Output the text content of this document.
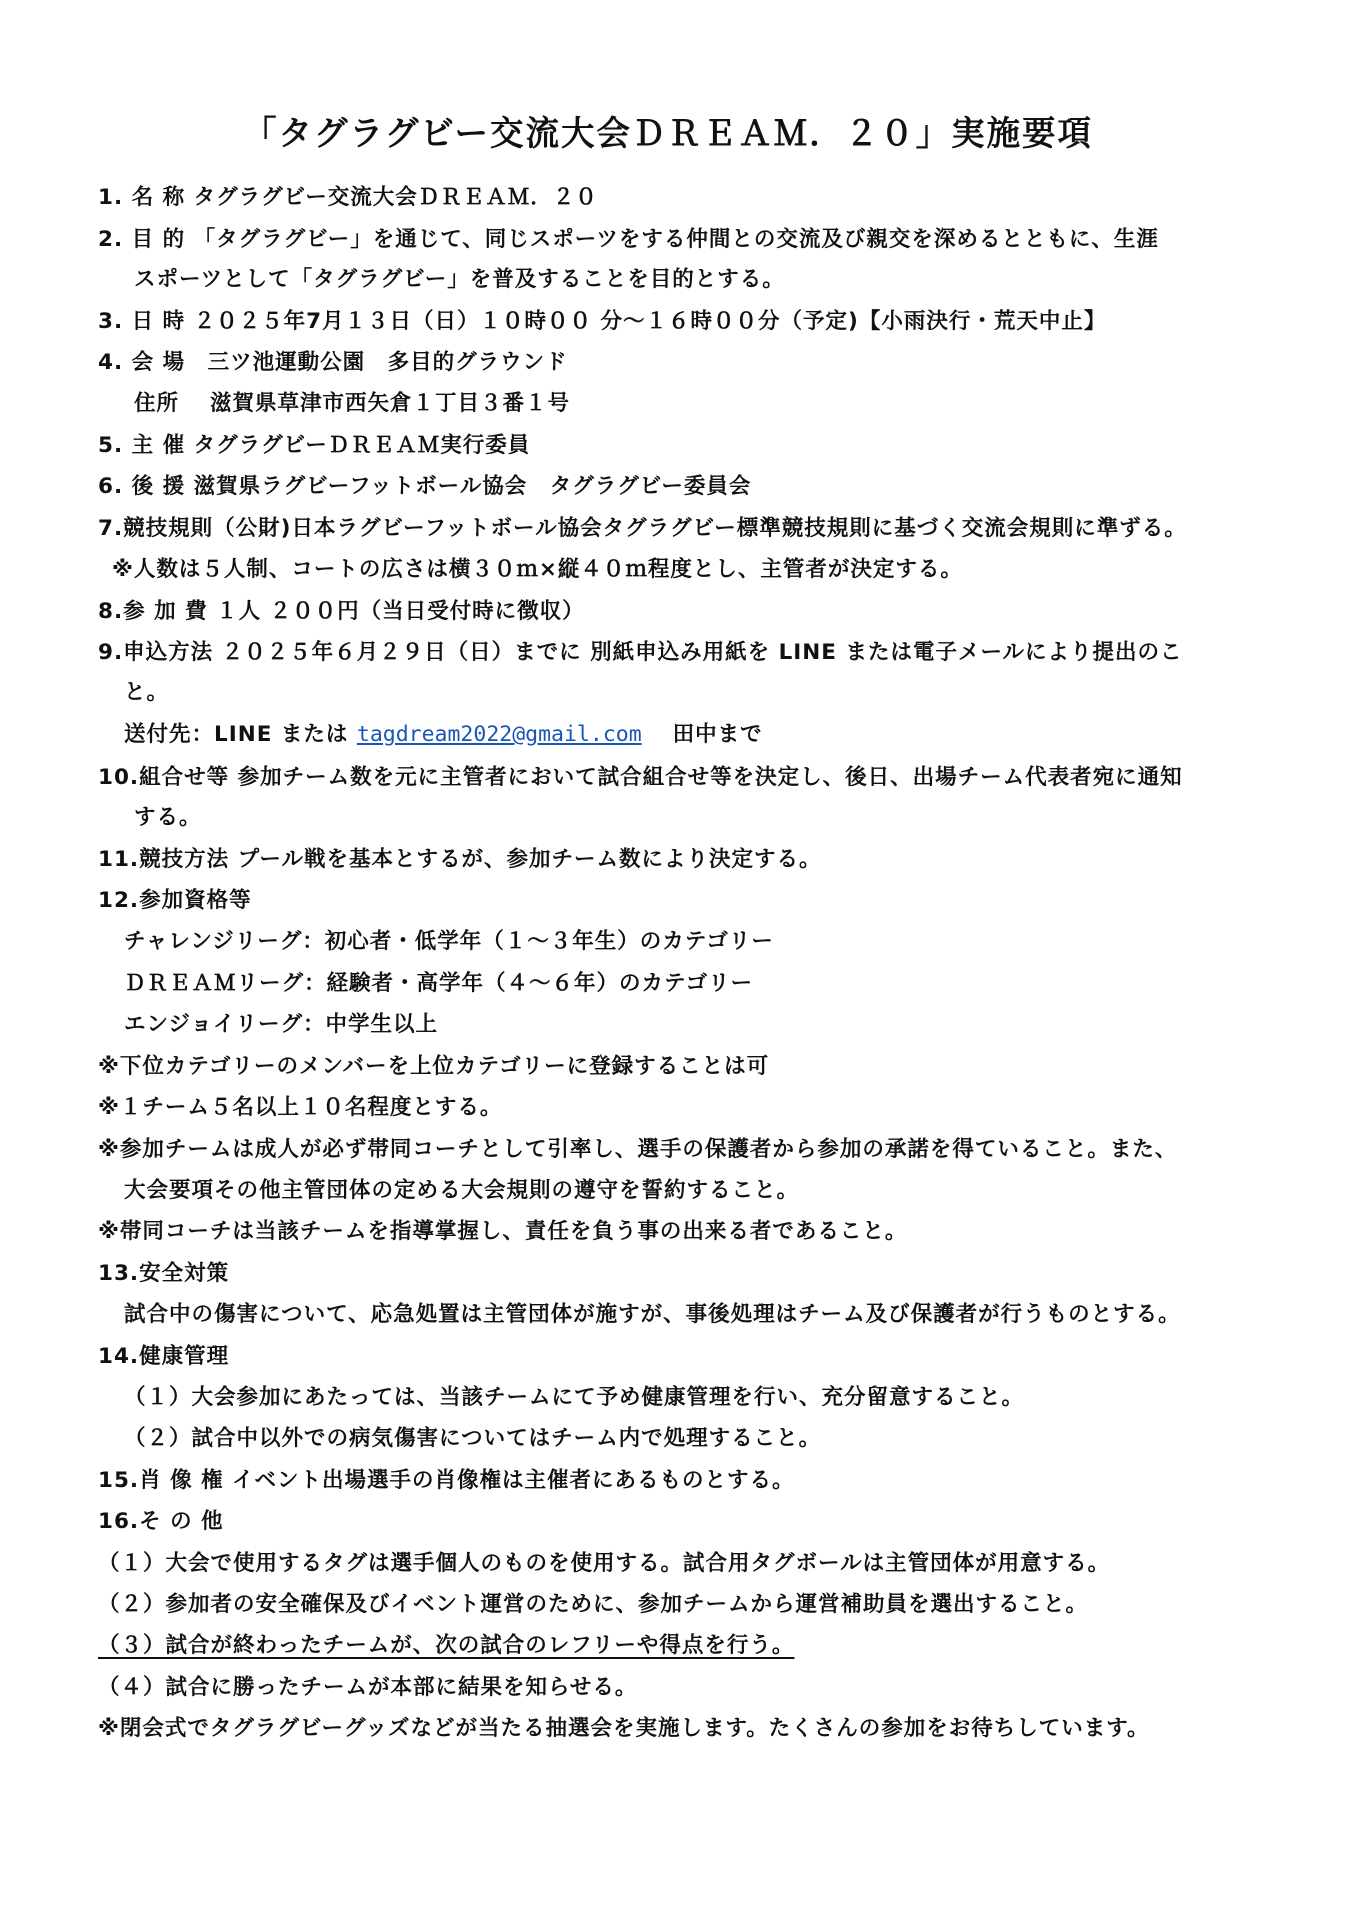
「タグラグビー交流大会ＤＲＥＡＭ．２０」実施要項
1. 名 称 タグラグビー交流大会ＤＲＥＡＭ．２０
2. 目 的 「タグラグビー」を通じて、同じスポーツをする仲間との交流及び親交を深めるとともに、生涯
スポーツとして「タグラグビー」を普及することを目的とする。
3. 日 時 ２０２５年7月１３日（日）１０時００ 分～１６時００分（予定)【小雨決行・荒天中止】
4. 会 場　三ツ池運動公園　多目的グラウンド
住所　 滋賀県草津市西矢倉１丁目３番１号
5. 主 催 タグラグビーＤＲＥＡＭ実行委員
6. 後 援 滋賀県ラグビーフットボール協会　タグラグビー委員会
7.競技規則（公財)日本ラグビーフットボール協会タグラグビー標準競技規則に基づく交流会規則に準ずる。
※人数は５人制、コートの広さは横３０ｍ×縦４０ｍ程度とし、主管者が決定する。
8.参 加 費 １人 ２００円（当日受付時に徴収）
9.申込方法 ２０２５年６月２９日（日）までに 別紙申込み用紙を LINE または電子メールにより提出のこ
と。
送付先：LINE または tagdream2022@gmail.com　 田中まで
10.組合せ等 参加チーム数を元に主管者において試合組合せ等を決定し、後日、出場チーム代表者宛に通知
する。
11.競技方法 プール戦を基本とするが、参加チーム数により決定する。
12.参加資格等
チャレンジリーグ：初心者・低学年（１～３年生）のカテゴリー
ＤＲＥＡＭリーグ：経験者・高学年（４～６年）のカテゴリー
エンジョイリーグ：中学生以上
※下位カテゴリーのメンバーを上位カテゴリーに登録することは可
※１チーム５名以上１０名程度とする。
※参加チームは成人が必ず帯同コーチとして引率し、選手の保護者から参加の承諾を得ていること。また、
大会要項その他主管団体の定める大会規則の遵守を誓約すること。
※帯同コーチは当該チームを指導掌握し、責任を負う事の出来る者であること。
13.安全対策
試合中の傷害について、応急処置は主管団体が施すが、事後処理はチーム及び保護者が行うものとする。
14.健康管理
（１）大会参加にあたっては、当該チームにて予め健康管理を行い、充分留意すること。
（２）試合中以外での病気傷害についてはチーム内で処理すること。
15.肖 像 権 イベント出場選手の肖像権は主催者にあるものとする。
16.そ の 他
（１）大会で使用するタグは選手個人のものを使用する。試合用タグボールは主管団体が用意する。
（２）参加者の安全確保及びイベント運営のために、参加チームから運営補助員を選出すること。
（３）試合が終わったチームが、次の試合のレフリーや得点を行う。
（４）試合に勝ったチームが本部に結果を知らせる。
※閉会式でタグラグビーグッズなどが当たる抽選会を実施します。たくさんの参加をお待ちしています。
